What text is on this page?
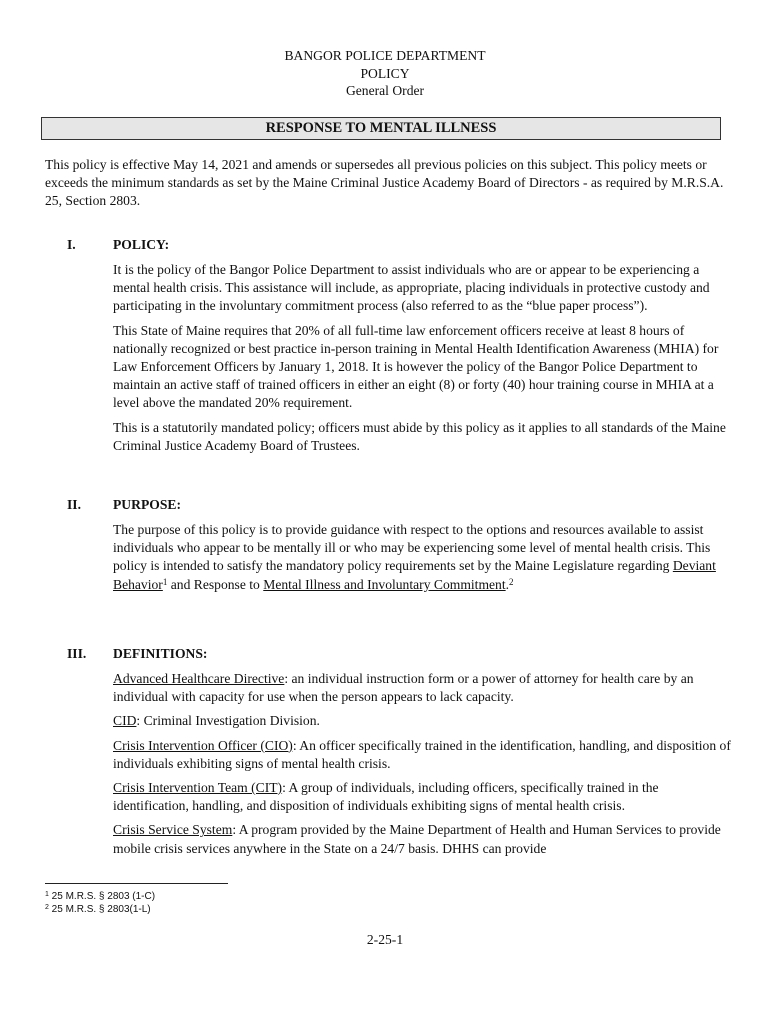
BANGOR POLICE DEPARTMENT
POLICY
General Order
RESPONSE TO MENTAL ILLNESS
This policy is effective May 14, 2021 and amends or supersedes all previous policies on this subject. This policy meets or exceeds the minimum standards as set by the Maine Criminal Justice Academy Board of Directors - as required by M.R.S.A. 25, Section 2803.
I.	POLICY:

It is the policy of the Bangor Police Department to assist individuals who are or appear to be experiencing a mental health crisis. This assistance will include, as appropriate, placing individuals in protective custody and participating in the involuntary commitment process (also referred to as the “blue paper process”).

This State of Maine requires that 20% of all full-time law enforcement officers receive at least 8 hours of nationally recognized or best practice in-person training in Mental Health Identification Awareness (MHIA) for Law Enforcement Officers by January 1, 2018. It is however the policy of the Bangor Police Department to maintain an active staff of trained officers in either an eight (8) or forty (40) hour training course in MHIA at a level above the mandated 20% requirement.

This is a statutorily mandated policy; officers must abide by this policy as it applies to all standards of the Maine Criminal Justice Academy Board of Trustees.

II. PURPOSE:

The purpose of this policy is to provide guidance with respect to the options and resources available to assist individuals who appear to be mentally ill or who may be experiencing some level of mental health crisis. This policy is intended to satisfy the mandatory policy requirements set by the Maine Legislature regarding Deviant Behavior$^1$ and Response to Mental Illness and Involuntary Commitment.$^2$

III. DEFINITIONS:

Advanced Healthcare Directive: an individual instruction form or a power of attorney for health care by an individual with capacity for use when the person appears to lack capacity.

CID: Criminal Investigation Division.

Crisis Intervention Officer (CIO): An officer specifically trained in the identification, handling, and disposition of individuals exhibiting signs of mental health crisis.

Crisis Intervention Team (CIT): A group of individuals, including officers, specifically trained in the identification, handling, and disposition of individuals exhibiting signs of mental health crisis.

Crisis Service System: A program provided by the Maine Department of Health and Human Services to provide mobile crisis services anywhere in the State on a 24/7 basis. DHHS can provide

$^1$ 25 M.R.S. § 2803 (1-C)
$^2$ 25 M.R.S. § 2803(1-L)
2-25-1
